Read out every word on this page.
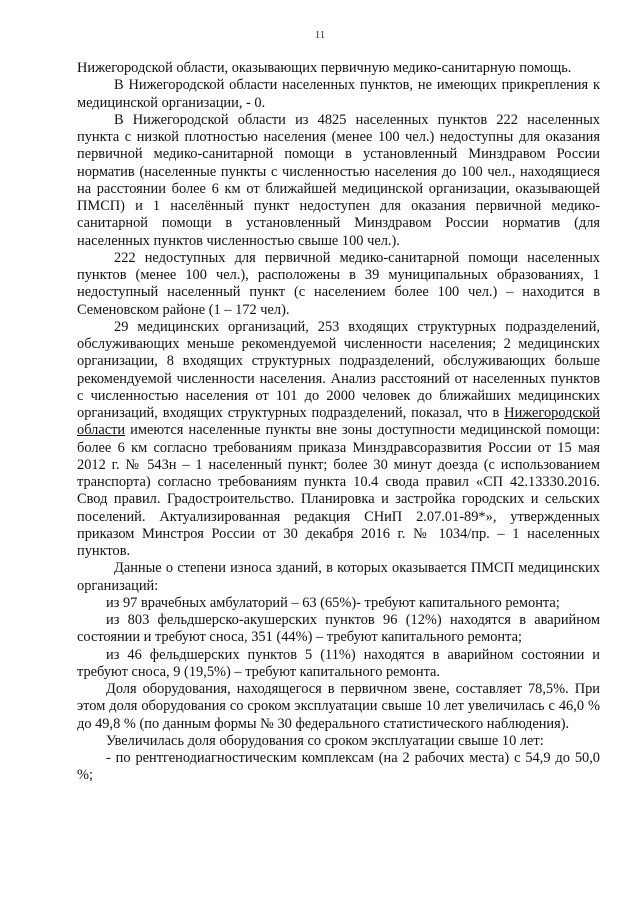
11

Нижегородской области, оказывающих первичную медико-санитарную помощь.

В Нижегородской области населенных пунктов, не имеющих прикрепления к медицинской организации, - 0.

В Нижегородской области из 4825 населенных пунктов 222 населенных пункта с низкой плотностью населения (менее 100 чел.) недоступны для оказания первичной медико-санитарной помощи в установленный Минздравом России норматив (населенные пункты с численностью населения до 100 чел., находящиеся на расстоянии более 6 км от ближайшей медицинской организации, оказывающей ПМСП) и 1 населённый пункт недоступен для оказания первичной медико-санитарной помощи в установленный Минздравом России норматив (для населенных пунктов численностью свыше 100 чел.).

222 недоступных для первичной медико-санитарной помощи населенных пунктов (менее 100 чел.), расположены в 39 муниципальных образованиях, 1 недоступный населенный пункт (с населением более 100 чел.) – находится в Семеновском районе (1 – 172 чел).

29 медицинских организаций, 253 входящих структурных подразделений, обслуживающих меньше рекомендуемой численности населения; 2 медицинских организации, 8 входящих структурных подразделений, обслуживающих больше рекомендуемой численности населения. Анализ расстояний от населенных пунктов с численностью населения от 101 до 2000 человек до ближайших медицинских организаций, входящих структурных подразделений, показал, что в Нижегородской области имеются населенные пункты вне зоны доступности медицинской помощи: более 6 км согласно требованиям приказа Минздравсоразвития России от 15 мая 2012 г. № 543н – 1 населенный пункт; более 30 минут доезда (с использованием транспорта) согласно требованиям пункта 10.4 свода правил «СП 42.13330.2016. Свод правил. Градостроительство. Планировка и застройка городских и сельских поселений. Актуализированная редакция СНиП 2.07.01-89*», утвержденных приказом Минстроя России от 30 декабря 2016 г. № 1034/пр. – 1 населенных пунктов.

Данные о степени износа зданий, в которых оказывается ПМСП медицинских организаций:

из 97 врачебных амбулаторий – 63 (65%)- требуют капитального ремонта;

из 803 фельдшерско-акушерских пунктов 96 (12%) находятся в аварийном состоянии и требуют сноса, 351 (44%) – требуют капитального ремонта;

из 46 фельдшерских пунктов 5 (11%) находятся в аварийном состоянии и требуют сноса, 9 (19,5%) – требуют капитального ремонта.

Доля оборудования, находящегося в первичном звене, составляет 78,5%. При этом доля оборудования со сроком эксплуатации свыше 10 лет увеличилась с 46,0 % до 49,8 % (по данным формы № 30 федерального статистического наблюдения).

Увеличилась доля оборудования со сроком эксплуатации свыше 10 лет:

- по рентгенодиагностическим комплексам (на 2 рабочих места) с 54,9 до 50,0 %;
